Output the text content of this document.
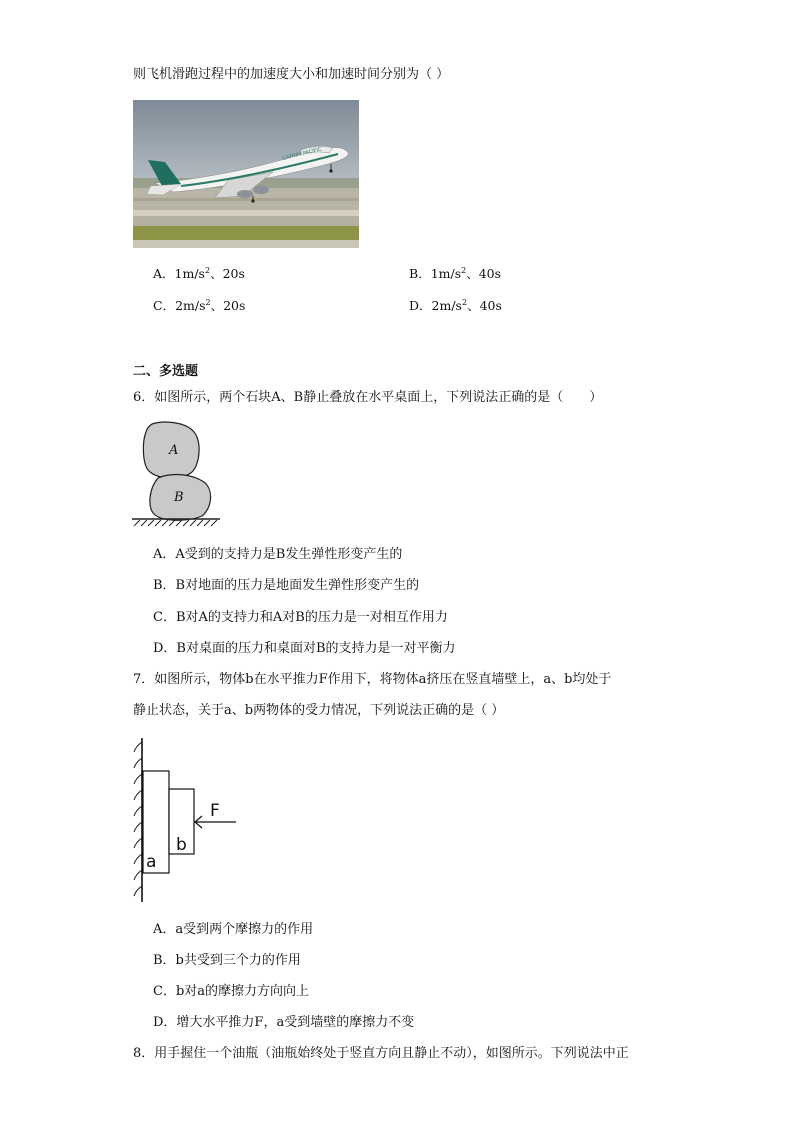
则飞机滑跑过程中的加速度大小和加速时间分别为（ ）
CATHAY PACIFIC
A．$1m/s^2$、20s	B．$1m/s^2$、40s
C．$2m/s^2$、20s	D．$2m/s^2$、40s
二、多选题
6．如图所示，两个石块A、B静止叠放在水平桌面上，下列说法正确的是（　　）
A
B
A．A受到的支持力是B发生弹性形变产生的
B．B对地面的压力是地面发生弹性形变产生的
C．B对A的支持力和A对B的压力是一对相互作用力
D．B对桌面的压力和桌面对B的支持力是一对平衡力
7．如图所示，物体b在水平推力F作用下，将物体a挤压在竖直墙壁上，a、b均处于
静止状态，关于a、b两物体的受力情况，下列说法正确的是（ ）
a
b
F
A．a受到两个摩擦力的作用
B．b共受到三个力的作用
C．b对a的摩擦力方向向上
D．增大水平推力F，a受到墙壁的摩擦力不变
8．用手握住一个油瓶（油瓶始终处于竖直方向且静止不动），如图所示。下列说法中正
